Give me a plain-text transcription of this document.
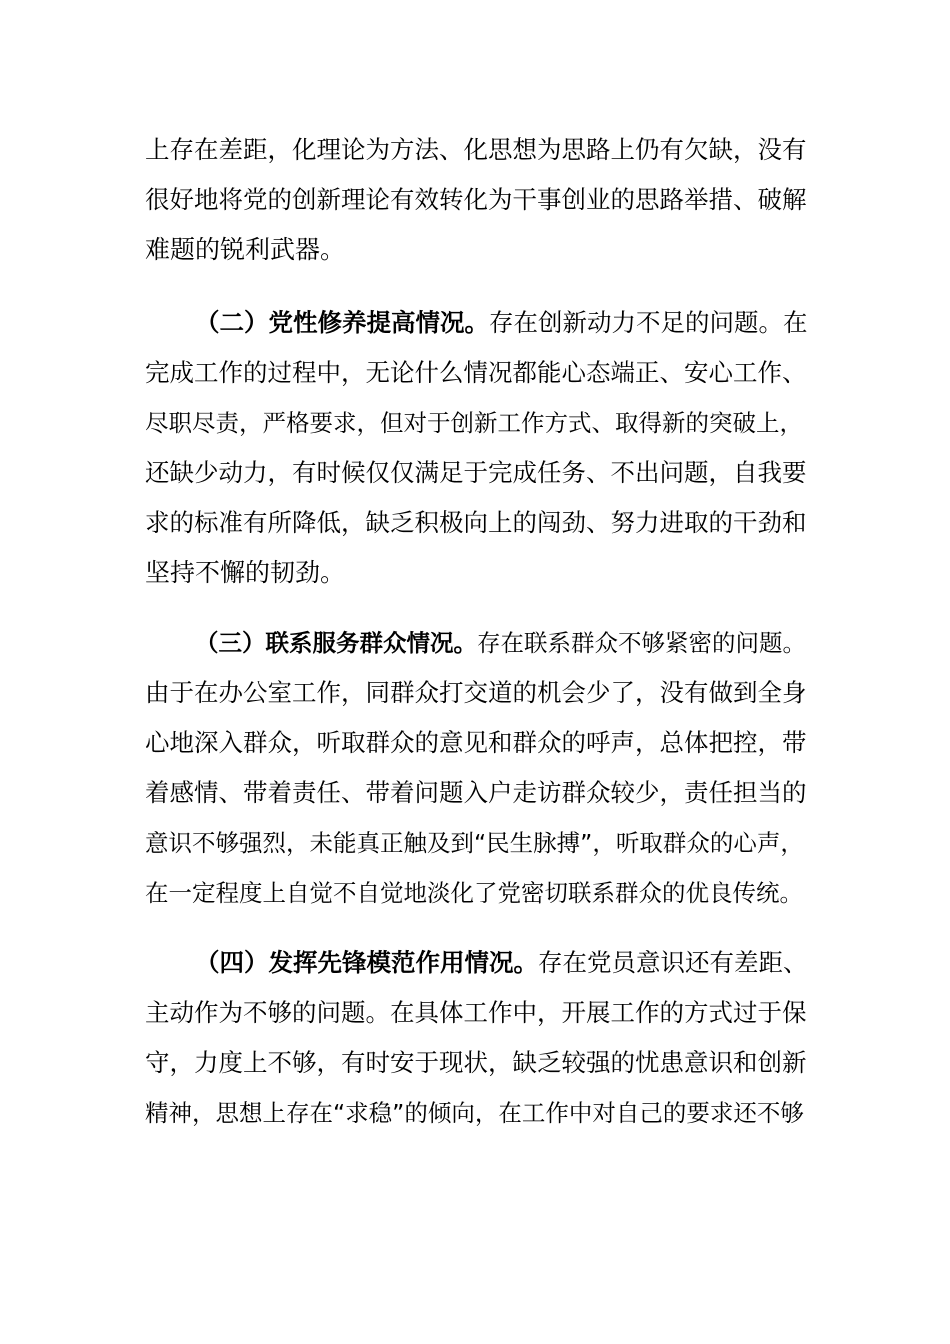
上存在差距，化理论为方法、化思想为思路上仍有欠缺，没有
很好地将党的创新理论有效转化为干事创业的思路举措、破解
难题的锐利武器。
（二）党性修养提高情况。存在创新动力不足的问题。在
完成工作的过程中，无论什么情况都能心态端正、安心工作、
尽职尽责，严格要求，但对于创新工作方式、取得新的突破上，
还缺少动力，有时候仅仅满足于完成任务、不出问题，自我要
求的标准有所降低，缺乏积极向上的闯劲、努力进取的干劲和
坚持不懈的韧劲。
（三）联系服务群众情况。存在联系群众不够紧密的问题。
由于在办公室工作，同群众打交道的机会少了，没有做到全身
心地深入群众，听取群众的意见和群众的呼声，总体把控，带
着感情、带着责任、带着问题入户走访群众较少，责任担当的
意识不够强烈，未能真正触及到“民生脉搏”，听取群众的心声，
在一定程度上自觉不自觉地淡化了党密切联系群众的优良传统。
（四）发挥先锋模范作用情况。存在党员意识还有差距、
主动作为不够的问题。在具体工作中，开展工作的方式过于保
守，力度上不够，有时安于现状，缺乏较强的忧患意识和创新
精神，思想上存在“求稳”的倾向，在工作中对自己的要求还不够
